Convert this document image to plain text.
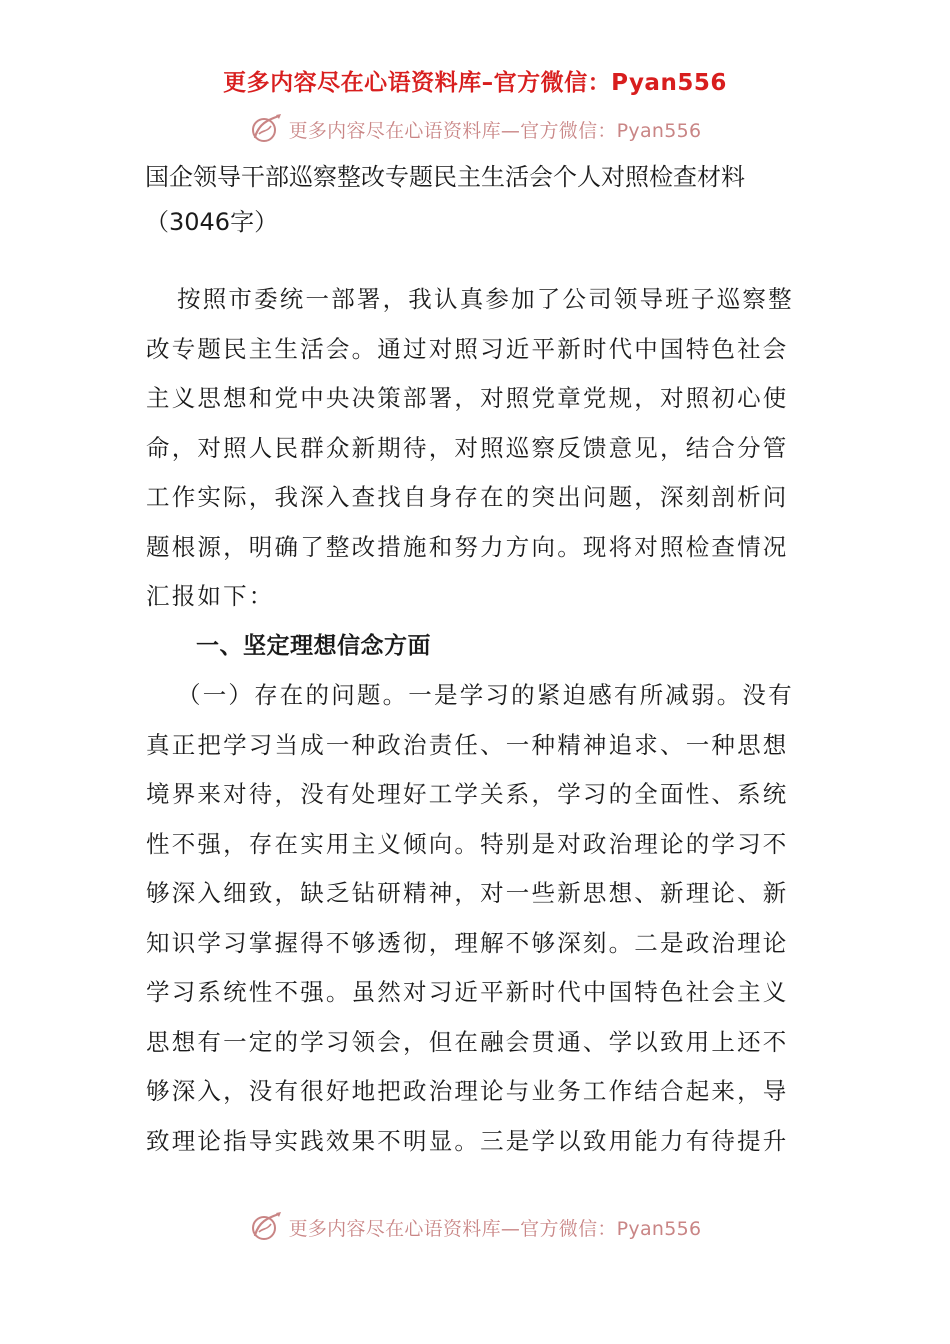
更多内容尽在心语资料库–官方微信：Pyan556
更多内容尽在心语资料库—官方微信：Pyan556
国企领导干部巡察整改专题民主生活会个人对照检查材料
（3046字）
按照市委统一部署，我认真参加了公司领导班子巡察整
改专题民主生活会。通过对照习近平新时代中国特色社会
主义思想和党中央决策部署，对照党章党规，对照初心使
命，对照人民群众新期待，对照巡察反馈意见，结合分管
工作实际，我深入查找自身存在的突出问题，深刻剖析问
题根源，明确了整改措施和努力方向。现将对照检查情况
汇报如下：
一、坚定理想信念方面
（一）存在的问题。一是学习的紧迫感有所减弱。没有
真正把学习当成一种政治责任、一种精神追求、一种思想
境界来对待，没有处理好工学关系，学习的全面性、系统
性不强，存在实用主义倾向。特别是对政治理论的学习不
够深入细致，缺乏钻研精神，对一些新思想、新理论、新
知识学习掌握得不够透彻，理解不够深刻。二是政治理论
学习系统性不强。虽然对习近平新时代中国特色社会主义
思想有一定的学习领会，但在融会贯通、学以致用上还不
够深入，没有很好地把政治理论与业务工作结合起来，导
致理论指导实践效果不明显。三是学以致用能力有待提升
更多内容尽在心语资料库—官方微信：Pyan556
